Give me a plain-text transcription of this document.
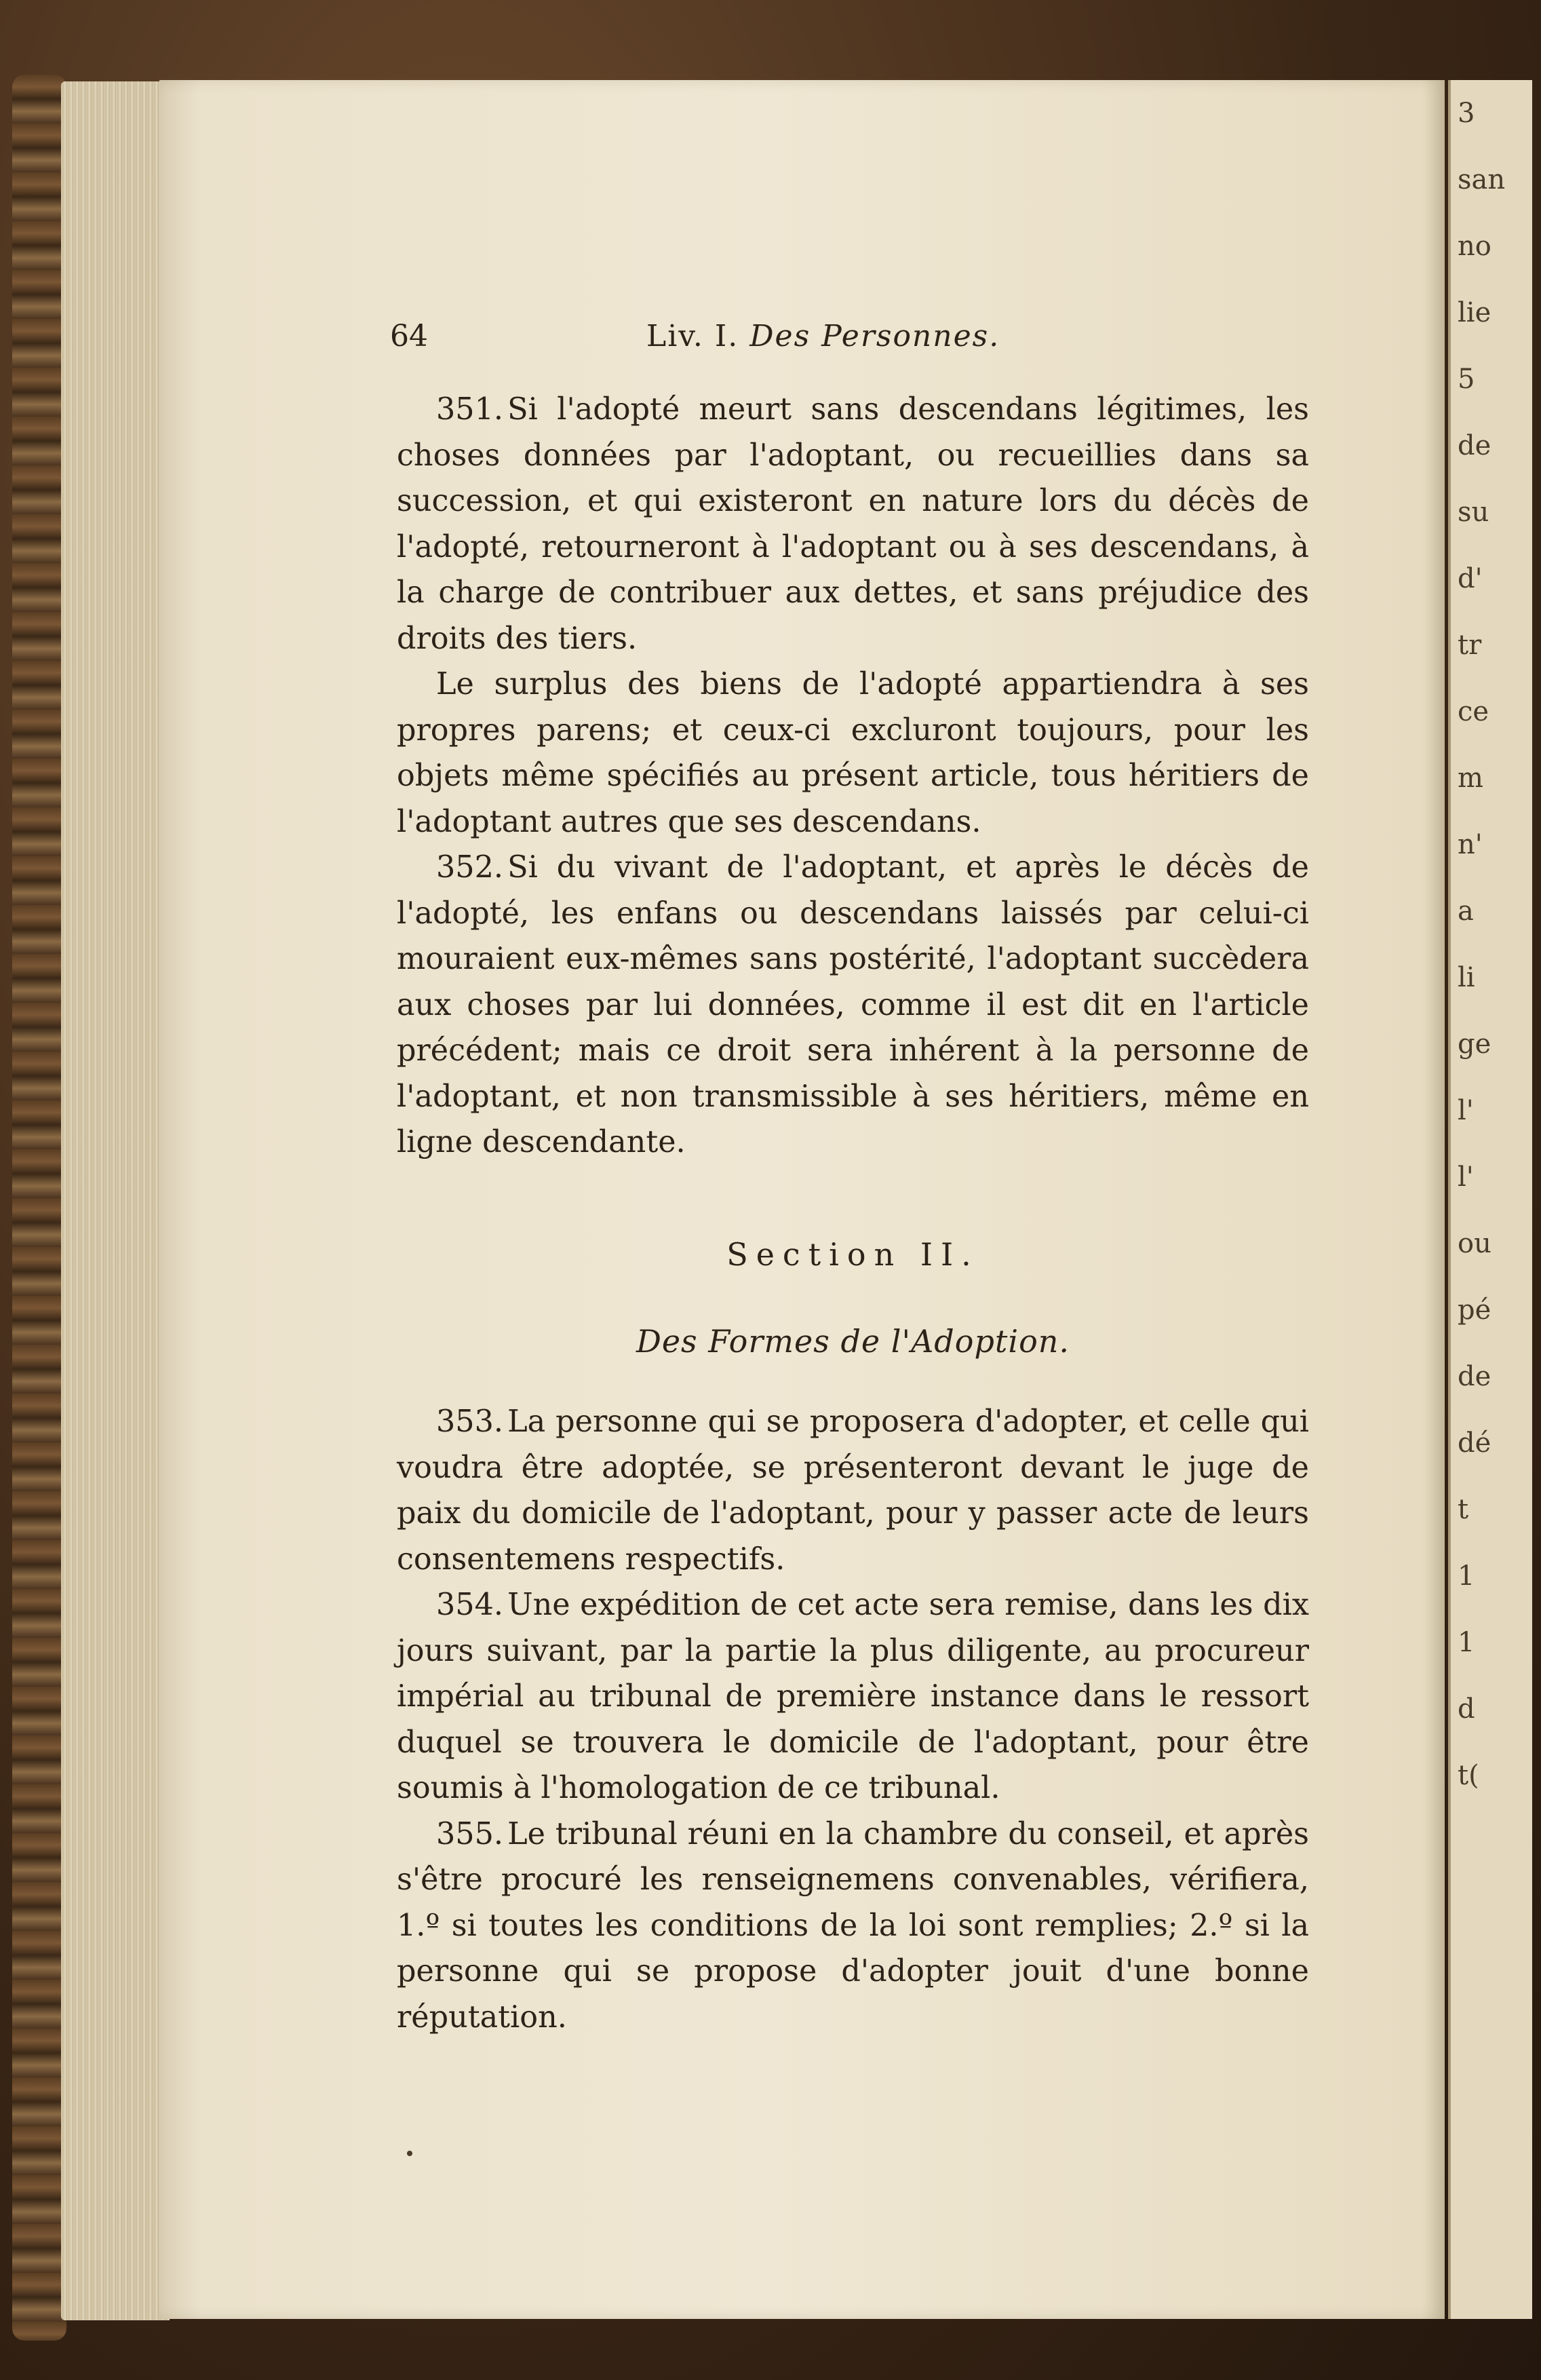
3
san
no
lie
5
de
su
d'
tr
ce
m
n'
a
li
ge
l'
l'
ou
pé
de
dé
t
1
1
d
t(
64	Liv. I. Des Personnes.

351. Si l'adopté meurt sans descendans légitimes, les choses données par l'adoptant, ou recueillies dans sa succession, et qui existeront en nature lors du décès de l'adopté, retourneront à l'adoptant ou à ses descendans, à la charge de contribuer aux dettes, et sans préjudice des droits des tiers.

Le surplus des biens de l'adopté appartiendra à ses propres parens; et ceux-ci excluront toujours, pour les objets même spécifiés au présent article, tous héritiers de l'adoptant autres que ses descendans.

352. Si du vivant de l'adoptant, et après le décès de l'adopté, les enfans ou descendans laissés par celui-ci mouraient eux-mêmes sans postérité, l'adoptant succèdera aux choses par lui données, comme il est dit en l'article précédent; mais ce droit sera inhérent à la personne de l'adoptant, et non transmissible à ses héritiers, même en ligne descendante.

Section II.
Des Formes de l'Adoption.

353. La personne qui se proposera d'adopter, et celle qui voudra être adoptée, se présenteront devant le juge de paix du domicile de l'adoptant, pour y passer acte de leurs consentemens respectifs.

354. Une expédition de cet acte sera remise, dans les dix jours suivant, par la partie la plus diligente, au procureur impérial au tribunal de première instance dans le ressort duquel se trouvera le domicile de l'adoptant, pour être soumis à l'homologation de ce tribunal.

355. Le tribunal réuni en la chambre du conseil, et après s'être procuré les renseignemens convenables, vérifiera, 1.º si toutes les conditions de la loi sont remplies; 2.º si la personne qui se propose d'adopter jouit d'une bonne réputation.
